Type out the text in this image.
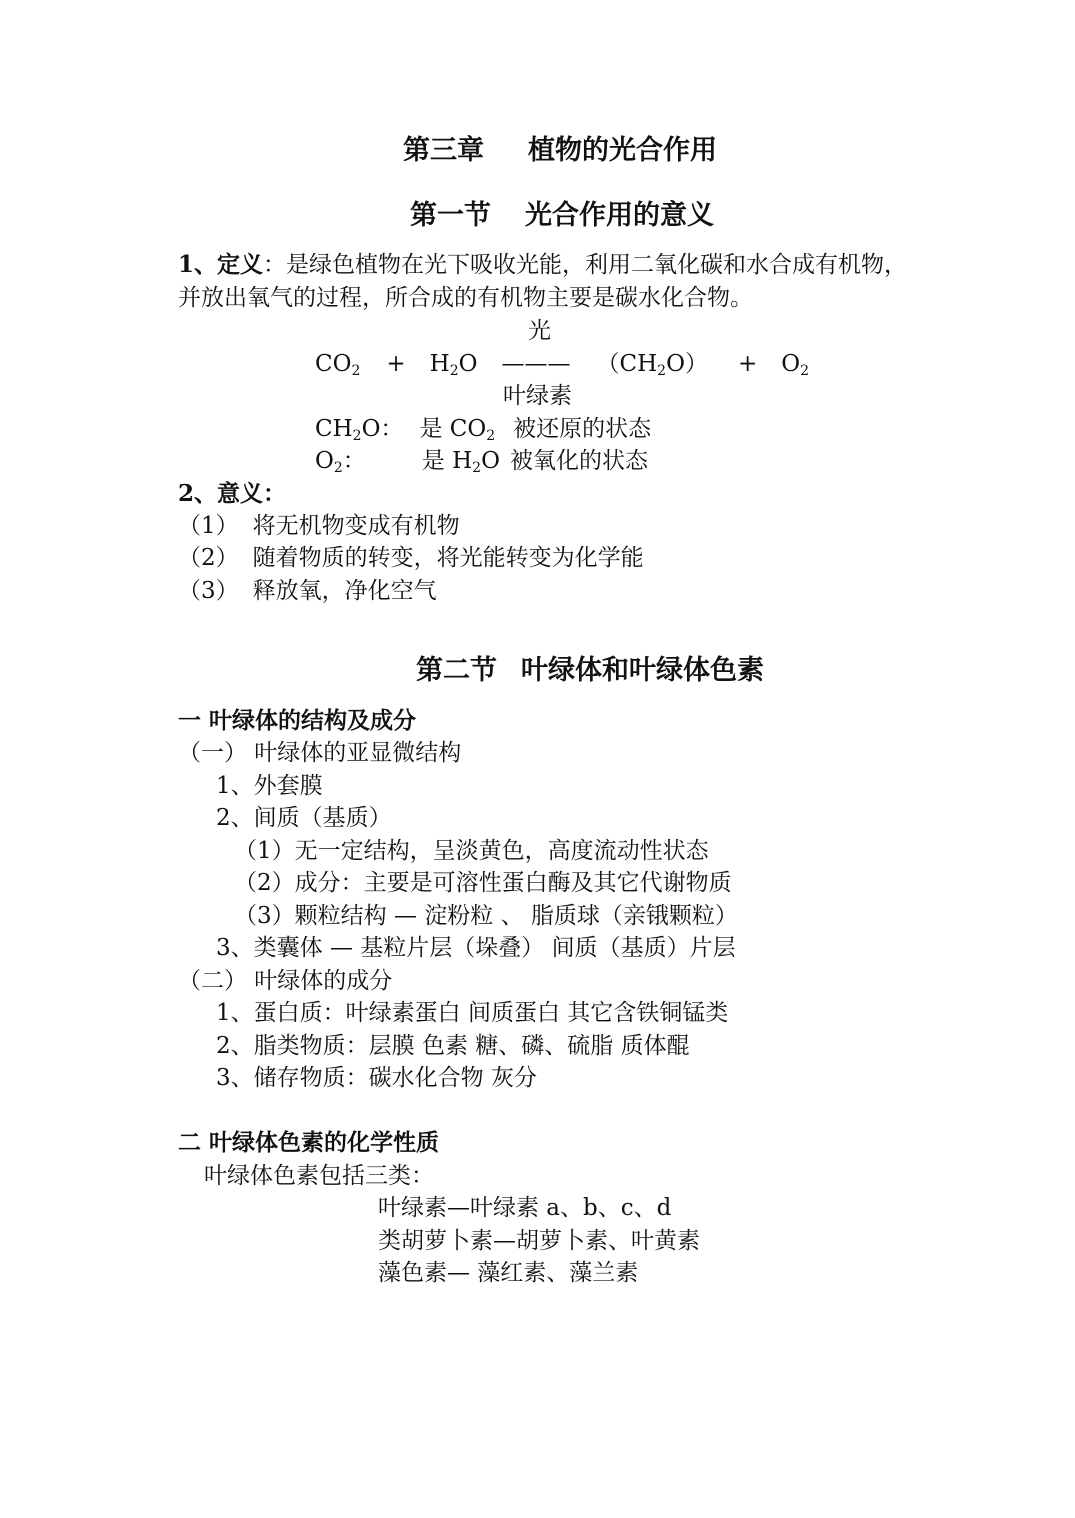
第三章 植物的光合作用
第一节 光合作用的意义
1、定义：是绿色植物在光下吸收光能，利用二氧化碳和水合成有机物，
并放出氧气的过程，所合成的有机物主要是碳水化合物。
光
$CO_2 + H_2O$ ——— $(CH_2O) + O_2$
叶绿素
$CH_2O$： 是 $CO_2$ 被还原的状态
$O_2$： 是 $H_2O$ 被氧化的状态
2、意义：
（1） 将无机物变成有机物
（2） 随着物质的转变，将光能转变为化学能
（3） 释放氧，净化空气
第二节 叶绿体和叶绿体色素
一 叶绿体的结构及成分
（一） 叶绿体的亚显微结构
1、外套膜
2、间质（基质）
（1）无一定结构，呈淡黄色，高度流动性状态
（2）成分：主要是可溶性蛋白酶及其它代谢物质
（3）颗粒结构 — 淀粉粒 、 脂质球（亲锇颗粒）
3、类囊体 — 基粒片层（垛叠） 间质（基质）片层
（二） 叶绿体的成分
1、蛋白质：叶绿素蛋白 间质蛋白 其它含铁铜锰类
2、脂类物质：层膜 色素 糖、磷、硫脂 质体醌
3、储存物质：碳水化合物 灰分
二 叶绿体色素的化学性质
叶绿体色素包括三类：
叶绿素—叶绿素 a、b、c、d
类胡萝卜素—胡萝卜素、叶黄素
藻色素— 藻红素、藻兰素
